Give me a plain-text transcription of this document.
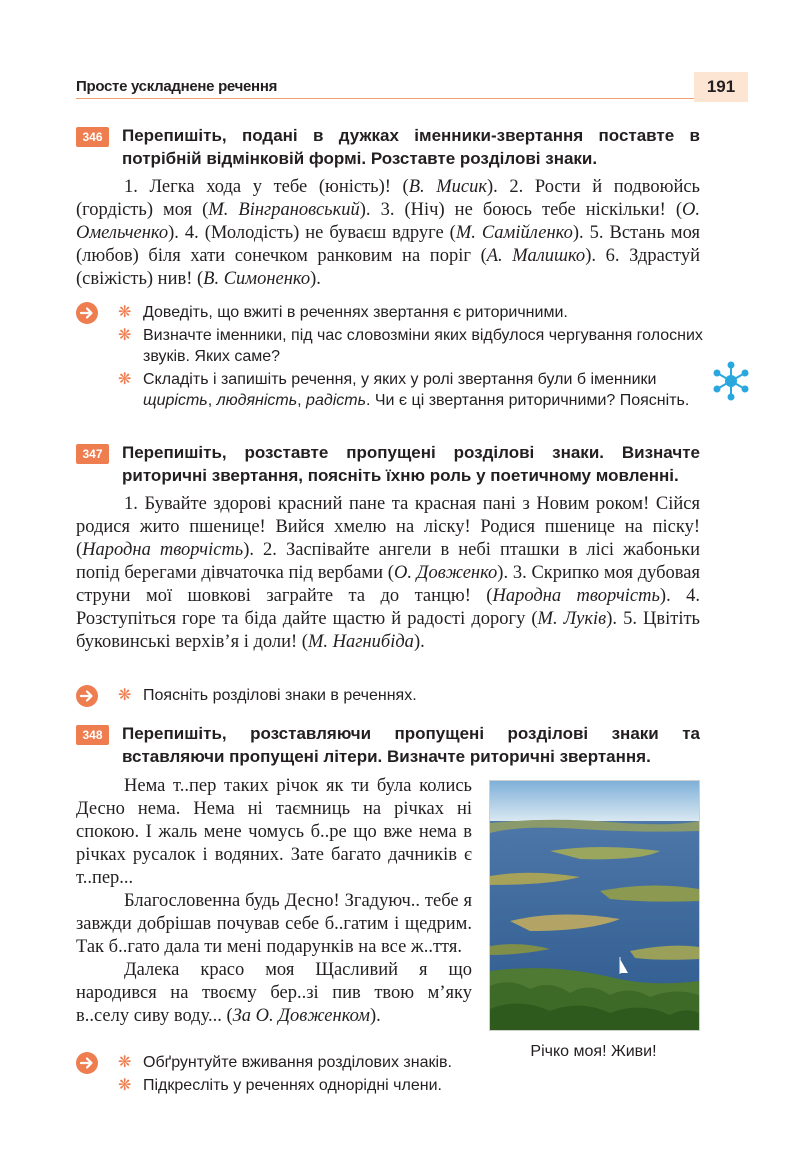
Просте ускладнене речення	191
346	Перепишіть, подані в дужках іменники-звертання поставте в потрібній відмінковій формі. Розставте розділові знаки.

1. Легка хода у тебе (юність)! (В. Мисик). 2. Рости й подвоюйсь (гордість) моя (М. Вінграновський). 3. (Ніч) не боюсь тебе ніскільки! (О. Омельченко). 4. (Молодість) не буваєш вдруге (М. Самійленко). 5. Встань моя (любов) біля хати сонечком ранковим на поріг (А. Малишко). 6. Здрастуй (свіжість) нив! (В. Симоненко).

❋ Доведіть, що вжиті в реченнях звертання є риторичними.
❋ Визначте іменники, під час словозміни яких відбулося чергування голосних звуків. Яких саме?
❋ Складіть і запишіть речення, у яких у ролі звертання були б іменники щирість, людяність, радість. Чи є ці звертання риторичними? Поясніть.
347	Перепишіть, розставте пропущені розділові знаки. Визначте риторичні звертання, поясніть їхню роль у поетичному мовленні.

1. Бувайте здорові красний пане та красная пані з Новим роком! Сійся родися жито пшенице! Вийся хмелю на ліску! Родися пшенице на піску! (Народна творчість). 2. Заспівайте ангели в небі пташки в лісі жабоньки попід берегами дівчаточка під вербами (О. Довженко). 3. Скрипко моя дубовая струни мої шовкові заграйте та до танцю! (Народна творчість). 4. Розступіться горе та біда дайте щастю й радості дорогу (М. Луків). 5. Цвітіть буковинські верхів’я і доли! (М. Нагнибіда).

❋ Поясніть розділові знаки в реченнях.
348	Перепишіть, розставляючи пропущені розділові знаки та вставляючи пропущені літери. Визначте риторичні звертання.

Нема т..пер таких річок як ти була колись Десно нема. Нема ні таємниць на річках ні спокою. І жаль мене чомусь б..ре що вже нема в річках русалок і водяних. Зате багато дачників є т..пер...

Благословенна будь Десно! Згадуюч.. тебе я завжди добрішав почував себе б..гатим і щедрим. Так б..гато дала ти мені подарунків на все ж..ття.

Далека красо моя Щасливий я що народився на твоєму бер..зі пив твою м’яку в..селу сиву воду... (За О. Довженком).

Річко моя! Живи!
❋ Обґрунтуйте вживання розділових знаків.
❋ Підкресліть у реченнях однорідні члени.
